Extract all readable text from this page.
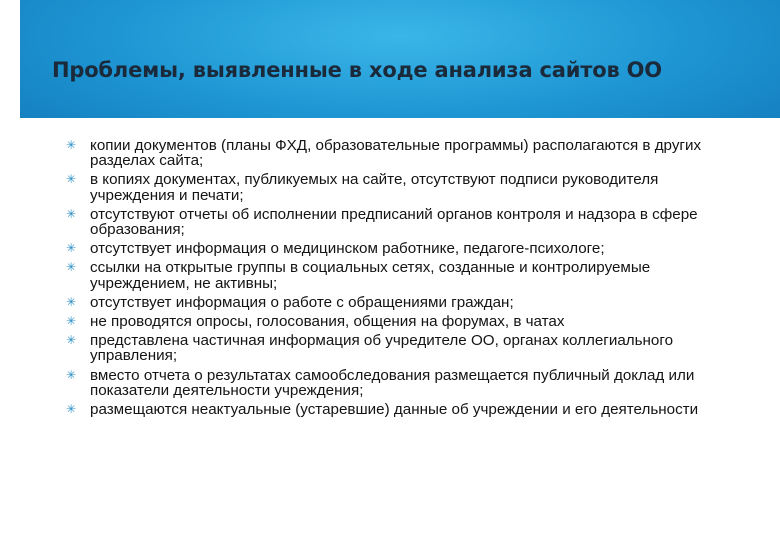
Проблемы, выявленные в ходе анализа сайтов ОО
✳ копии документов (планы ФХД, образовательные программы) располагаются в других разделах сайта;
✳ в копиях документах, публикуемых на сайте, отсутствуют подписи руководителя учреждения и печати;
✳ отсутствуют отчеты об исполнении предписаний органов контроля и надзора в сфере образования;
✳ отсутствует информация о медицинском работнике, педагоге-психологе;
✳ ссылки на открытые группы в социальных сетях, созданные и контролируемые учреждением, не активны;
✳ отсутствует информация о работе с обращениями граждан;
✳ не проводятся опросы, голосования, общения на форумах, в чатах
✳ представлена частичная информация об учредителе ОО, органах коллегиального управления;
✳ вместо отчета о результатах самообследования размещается публичный доклад или показатели деятельности учреждения;
✳ размещаются неактуальные (устаревшие) данные об учреждении и его деятельности
